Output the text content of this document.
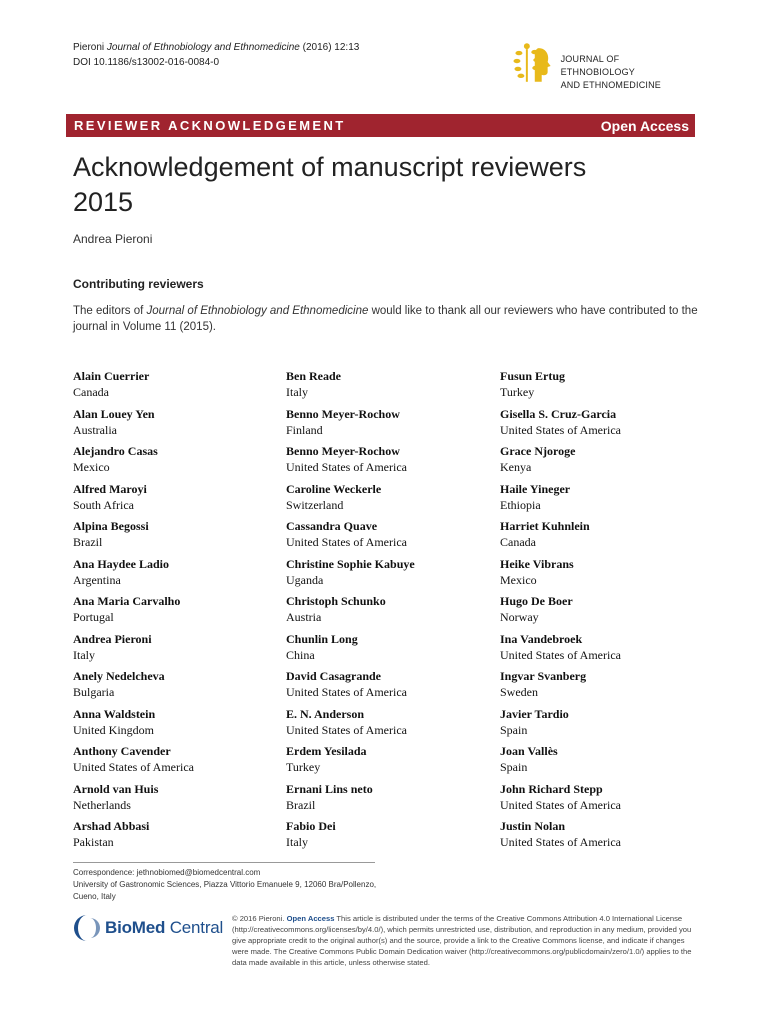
Pieroni Journal of Ethnobiology and Ethnomedicine (2016) 12:13
DOI 10.1186/s13002-016-0084-0	JOURNAL OF ETHNOBIOLOGY
AND ETHNOMEDICINE
REVIEWER ACKNOWLEDGEMENT	Open Access
Acknowledgement of manuscript reviewers
2015
Andrea Pieroni
Contributing reviewers
The editors of Journal of Ethnobiology and Ethnomedicine would like to thank all our reviewers who have contributed to the journal in Volume 11 (2015).
Alain Cuerrier
Canada
Alan Louey Yen
Australia
Alejandro Casas
Mexico
Alfred Maroyi
South Africa
Alpina Begossi
Brazil
Ana Haydee Ladio
Argentina
Ana Maria Carvalho
Portugal
Andrea Pieroni
Italy
Anely Nedelcheva
Bulgaria
Anna Waldstein
United Kingdom
Anthony Cavender
United States of America
Arnold van Huis
Netherlands
Arshad Abbasi
Pakistan
Ben Reade
Italy
Benno Meyer-Rochow
Finland
Benno Meyer-Rochow
United States of America
Caroline Weckerle
Switzerland
Cassandra Quave
United States of America
Christine Sophie Kabuye
Uganda
Christoph Schunko
Austria
Chunlin Long
China
David Casagrande
United States of America
E. N. Anderson
United States of America
Erdem Yesilada
Turkey
Ernani Lins neto
Brazil
Fabio Dei
Italy
Fusun Ertug
Turkey
Gisella S. Cruz-Garcia
United States of America
Grace Njoroge
Kenya
Haile Yineger
Ethiopia
Harriet Kuhnlein
Canada
Heike Vibrans
Mexico
Hugo De Boer
Norway
Ina Vandebroek
United States of America
Ingvar Svanberg
Sweden
Javier Tardio
Spain
Joan Vallès
Spain
John Richard Stepp
United States of America
Justin Nolan
United States of America
Correspondence: jethnobiomed@biomedcentral.com
University of Gastronomic Sciences, Piazza Vittorio Emanuele 9, 12060 Bra/Pollenzo,
Cueno, Italy
BioMed Central © 2016 Pieroni. Open Access This article is distributed under the terms of the Creative Commons Attribution 4.0 International License (http://creativecommons.org/licenses/by/4.0/), which permits unrestricted use, distribution, and reproduction in any medium, provided you give appropriate credit to the original author(s) and the source, provide a link to the Creative Commons license, and indicate if changes were made. The Creative Commons Public Domain Dedication waiver (http://creativecommons.org/publicdomain/zero/1.0/) applies to the data made available in this article, unless otherwise stated.
